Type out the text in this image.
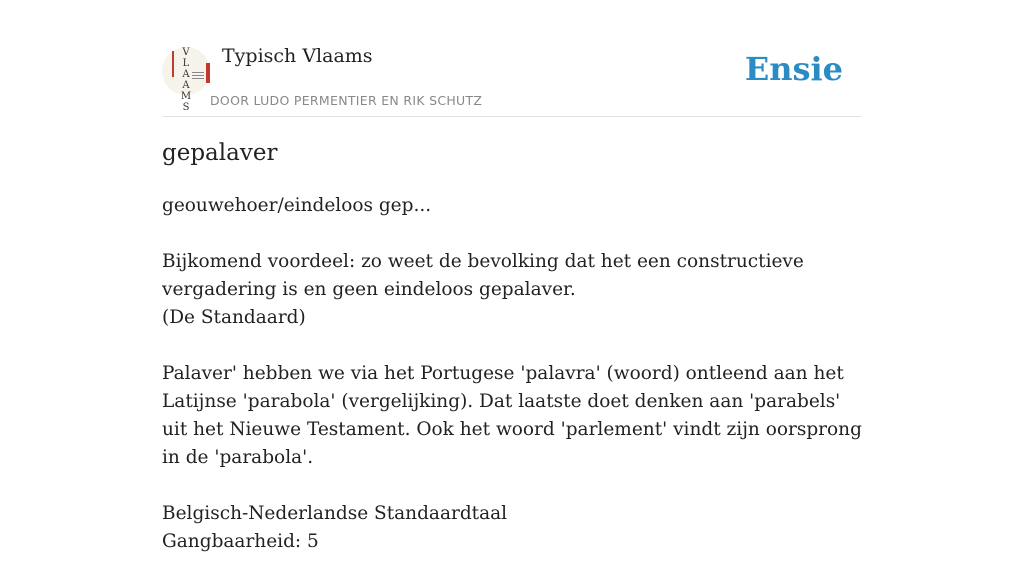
V
L
A
A
M
S
Typisch Vlaams
DOOR LUDO PERMENTIER EN RIK SCHUTZ
Ensie
gepalaver

geouwehoer/eindeloos gep...

Bijkomend voordeel: zo weet de bevolking dat het een constructieve vergadering is en geen eindeloos gepalaver.
(De Standaard)

Palaver' hebben we via het Portugese 'palavra' (woord) ontleend aan het Latijnse 'parabola' (vergelijking). Dat laatste doet denken aan 'parabels' uit het Nieuwe Testament. Ook het woord 'parlement' vindt zijn oorsprong in de 'parabola'.

Belgisch-Nederlandse Standaardtaal
Gangbaarheid: 5
